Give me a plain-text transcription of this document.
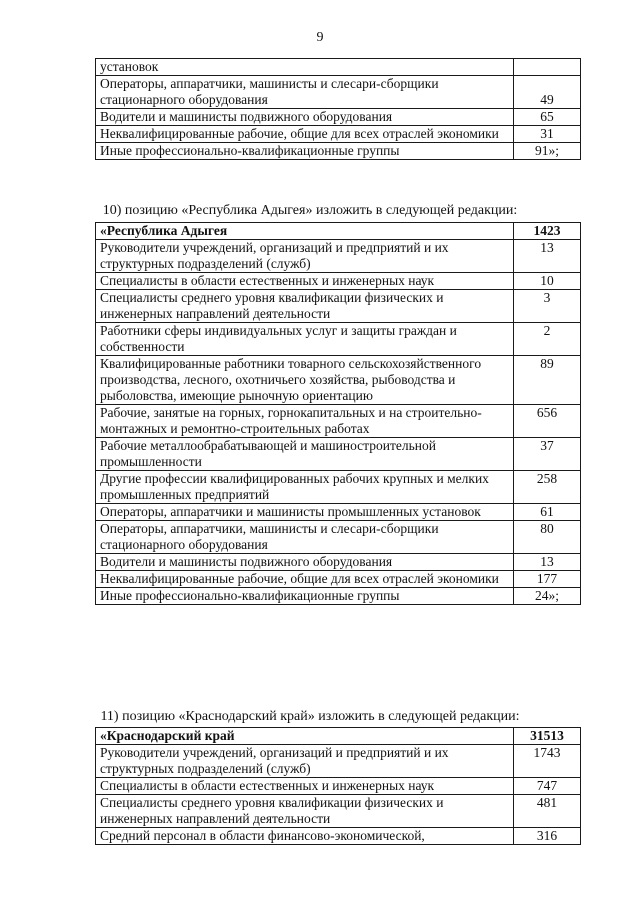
9
установок	
Операторы, аппаратчики, машинисты и слесари-сборщики стационарного оборудования	49
Водители и машинисты подвижного оборудования	65
Неквалифицированные рабочие, общие для всех отраслей экономики	31
Иные профессионально-квалификационные группы	91»;
10) позицию «Республика Адыгея» изложить в следующей редакции:
«Республика Адыгея	1423
Руководители учреждений, организаций и предприятий и их структурных подразделений (служб)	13
Специалисты в области естественных и инженерных наук	10
Специалисты среднего уровня квалификации физических и инженерных направлений деятельности	3
Работники сферы индивидуальных услуг и защиты граждан и собственности	2
Квалифицированные работники товарного сельскохозяйственного производства, лесного, охотничьего хозяйства, рыбоводства и рыболовства, имеющие рыночную ориентацию	89
Рабочие, занятые на горных, горнокапитальных и на строительно-монтажных и ремонтно-строительных работах	656
Рабочие металлообрабатывающей и машиностроительной промышленности	37
Другие профессии квалифицированных рабочих крупных и мелких промышленных предприятий	258
Операторы, аппаратчики и машинисты промышленных установок	61
Операторы, аппаратчики, машинисты и слесари-сборщики стационарного оборудования	80
Водители и машинисты подвижного оборудования	13
Неквалифицированные рабочие, общие для всех отраслей экономики	177
Иные профессионально-квалификационные группы	24»;
11) позицию «Краснодарский край» изложить в следующей редакции:
«Краснодарский край	31513
Руководители учреждений, организаций и предприятий и их структурных подразделений (служб)	1743
Специалисты в области естественных и инженерных наук	747
Специалисты среднего уровня квалификации физических и инженерных направлений деятельности	481
Средний персонал в области финансово-экономической,	316
